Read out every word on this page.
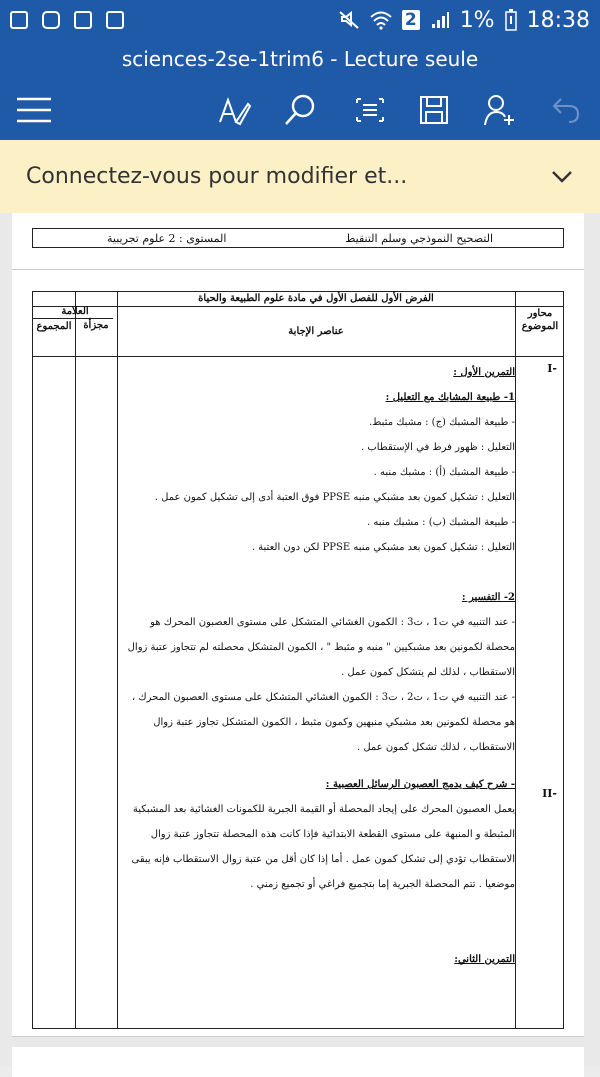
2 1% 18:38
sciences-2se-1trim6 - Lecture seule
Connectez-vous pour modifier et...
التصحيح النموذجي وسلم التنقيط
المستوى : 2 علوم تجريبية
الفرض الأول للفصل الأول في مادة علوم الطبيعة والحياة
محاور الموضوع
عناصر الإجابة
العلامة
مجزأة
المجموع
-I
-II

التمرين الأول :

1- طبيعة المشابك مع التعليل :

- طبيعة المشبك (ج) : مشبك مثبط.

التعليل : ظهور فرط في الإستقطاب .

- طبيعة المشبك (أ) : مشبك منبه .

التعليل : تشكيل كمون بعد مشبكي منبه PPSE فوق العتبة أدى إلى تشكيل كمون عمل .

- طبيعة المشبك (ب) : مشبك منبه .

التعليل : تشكيل كمون بعد مشبكي منبه PPSE لكن دون العتبة .

2- التفسير :

- عند التنبيه في ت1 ، ت3 : الكمون الغشائي المتشكل على مستوى العصبون المحرك هو

محصلة لكمونين بعد مشبكيين " منبه و مثبط " ، الكمون المتشكل محصلته لم تتجاوز عتبة زوال

الاستقطاب ، لذلك لم يتشكل كمون عمل .

- عند التنبيه في ت1 ، ت2 ، ت3 : الكمون الغشائي المتشكل على مستوى العصبون المحرك ،

هو محصلة لكمونين بعد مشبكي منبهين وكمون مثبط ، الكمون المتشكل تجاوز عتبة زوال

الاستقطاب ، لذلك تشكل كمون عمل .

- شرح كيف يدمج العصبون الرسائل العصبية :

يعمل العصبون المحرك على إيجاد المحصلة أو القيمة الجبرية للكمونات الغشائية بعد المشبكية

المثبطة و المنبهة على مستوى القطعة الابتدائية فإذا كانت هذه المحصلة تتجاوز عتبة زوال

الاستقطاب تؤدي إلى تشكل كمون عمل . أما إذا كان أقل من عتبة زوال الاستقطاب فإنه يبقى

موضعيا . تتم المحصلة الجبرية إما بتجميع فراغي أو تجميع زمني .

التمرين الثاني:
